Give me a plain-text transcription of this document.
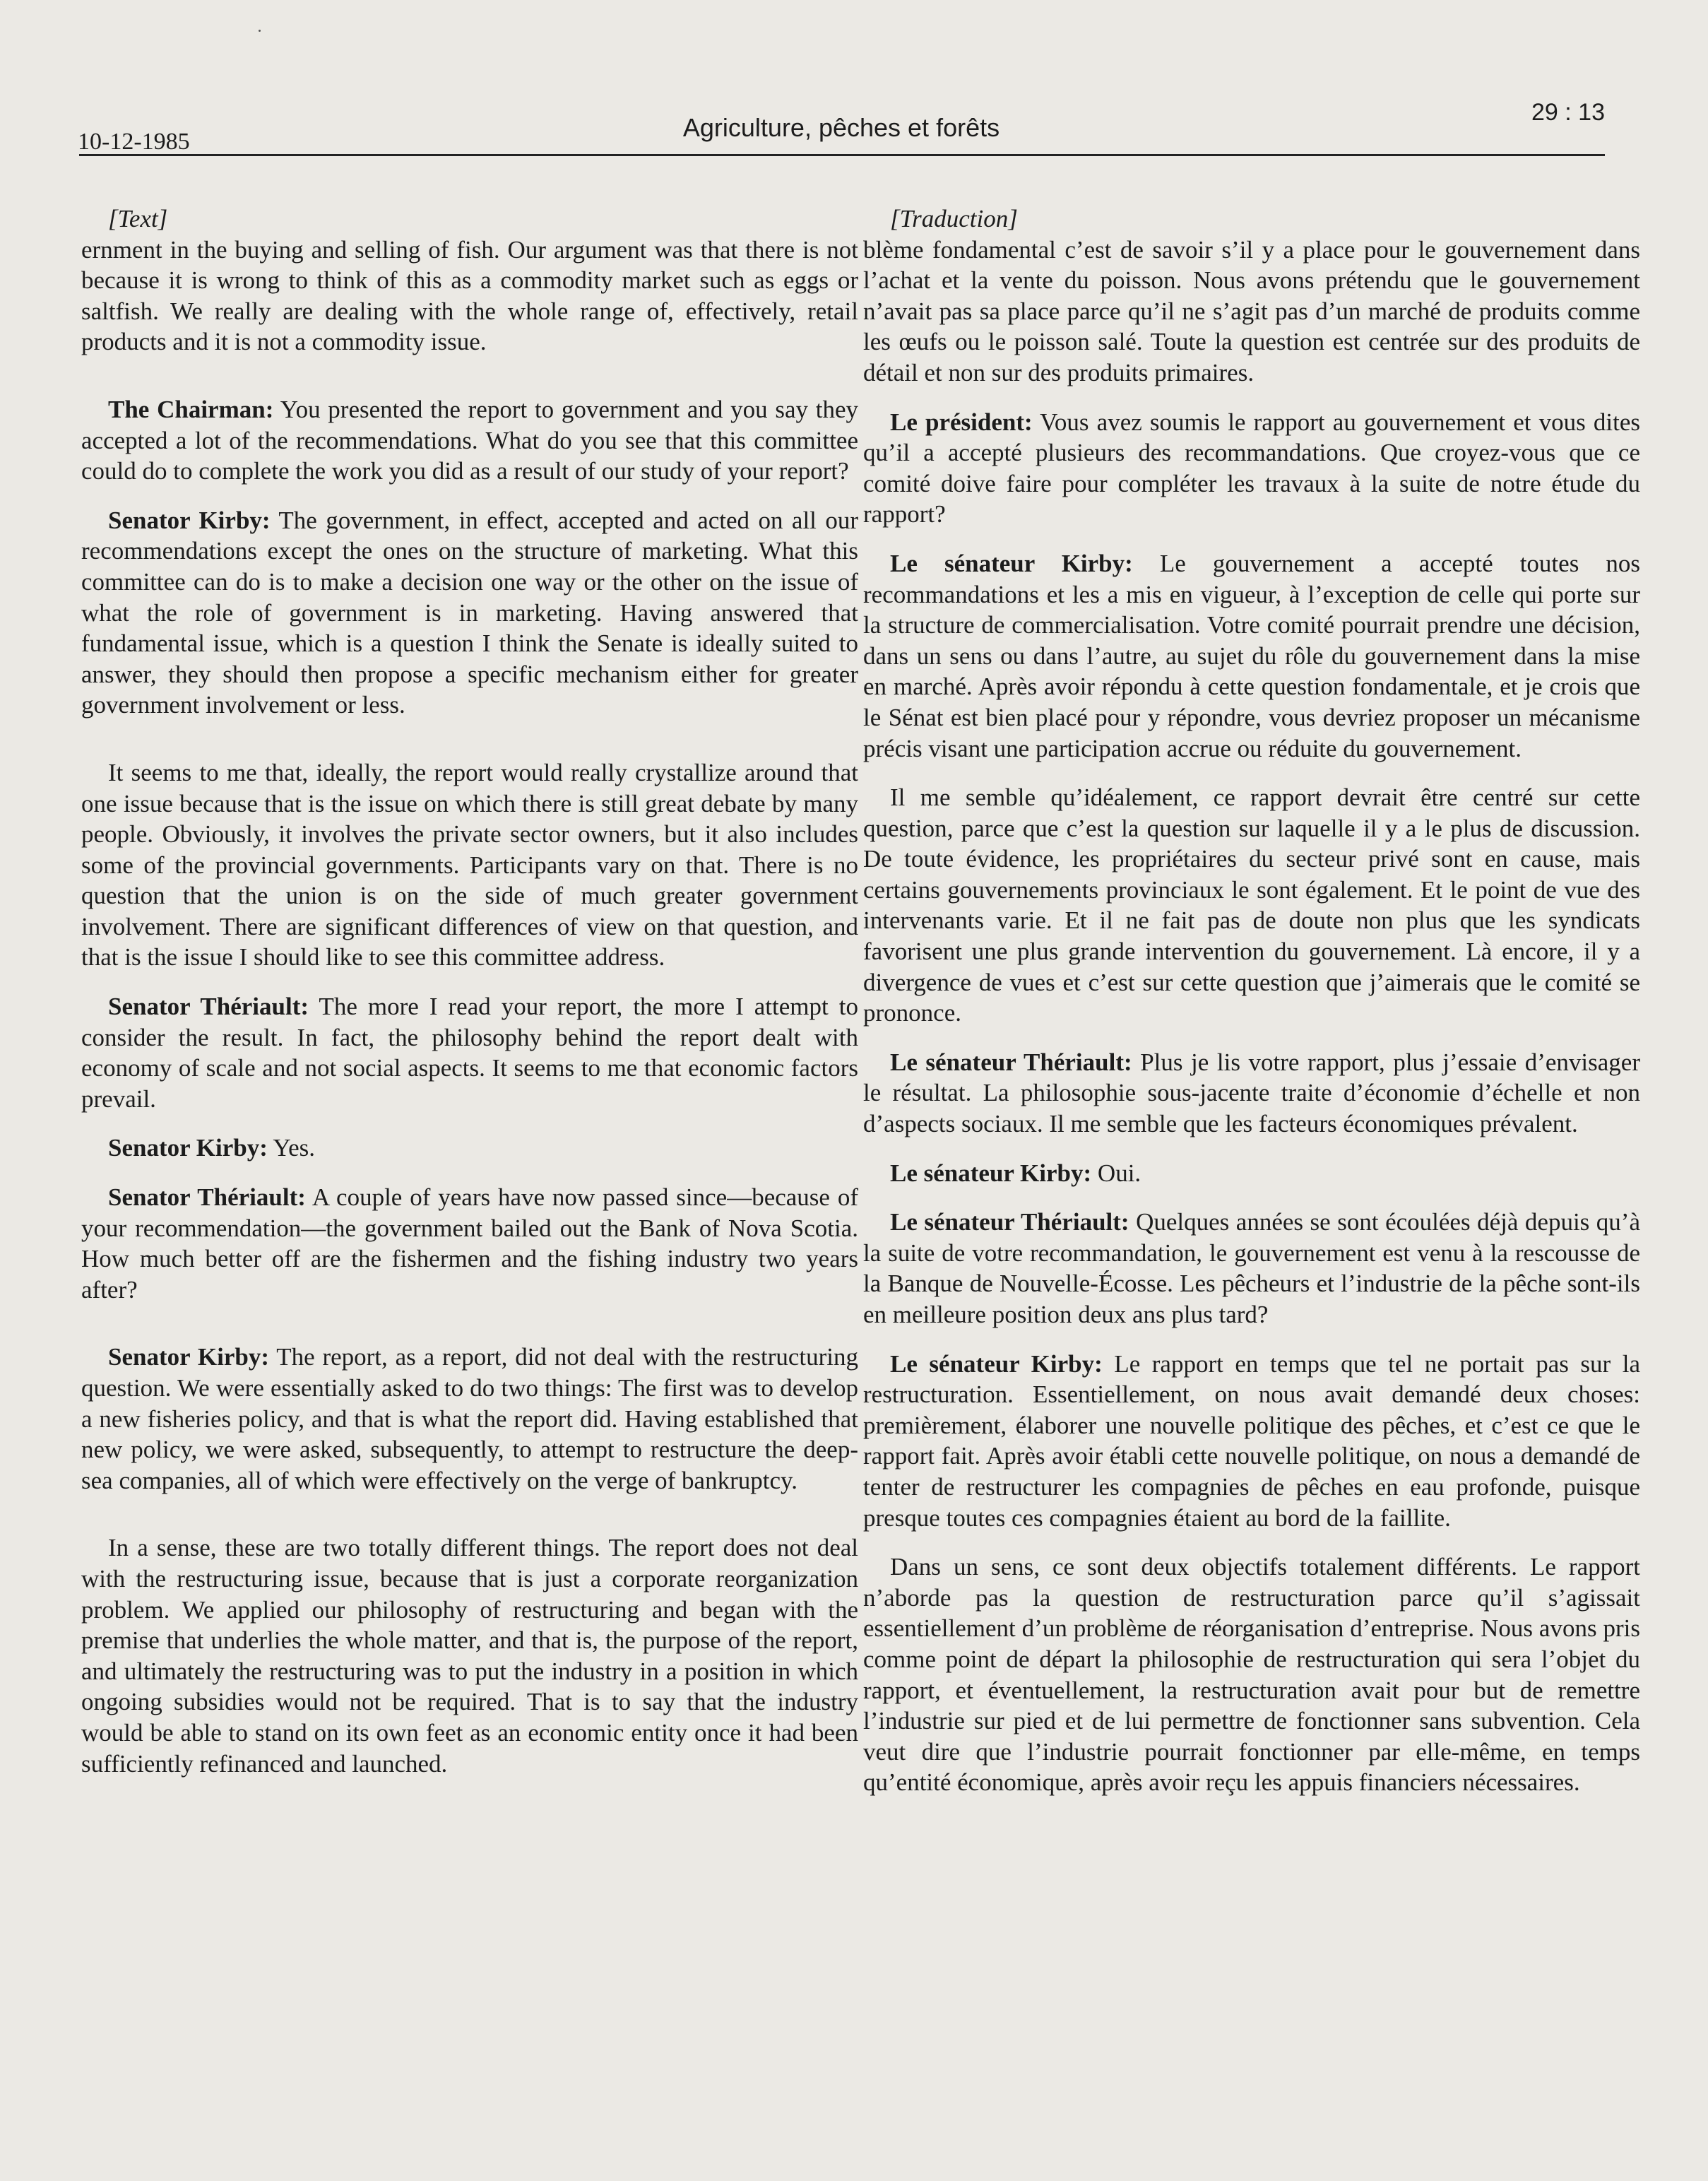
10-12-1985	Agriculture, pêches et forêts
29 : 13

[Text]

ernment in the buying and selling of fish. Our argument was that there is not because it is wrong to think of this as a commodity market such as eggs or saltfish. We really are dealing with the whole range of, effectively, retail products and it is not a commodity issue.

The Chairman: You presented the report to government and you say they accepted a lot of the recommendations. What do you see that this committee could do to complete the work you did as a result of our study of your report?

Senator Kirby: The government, in effect, accepted and acted on all our recommendations except the ones on the structure of marketing. What this committee can do is to make a decision one way or the other on the issue of what the role of government is in marketing. Having answered that fundamental issue, which is a question I think the Senate is ideally suited to answer, they should then propose a specific mechanism either for greater government involvement or less.

It seems to me that, ideally, the report would really crystallize around that one issue because that is the issue on which there is still great debate by many people. Obviously, it involves the private sector owners, but it also includes some of the provincial governments. Participants vary on that. There is no question that the union is on the side of much greater government involvement. There are significant differences of view on that question, and that is the issue I should like to see this committee address.

Senator Thériault: The more I read your report, the more I attempt to consider the result. In fact, the philosophy behind the report dealt with economy of scale and not social aspects. It seems to me that economic factors prevail.

Senator Kirby: Yes.

Senator Thériault: A couple of years have now passed since—because of your recommendation—the government bailed out the Bank of Nova Scotia. How much better off are the fishermen and the fishing industry two years after?

Senator Kirby: The report, as a report, did not deal with the restructuring question. We were essentially asked to do two things: The first was to develop a new fisheries policy, and that is what the report did. Having established that new policy, we were asked, subsequently, to attempt to restructure the deep-sea companies, all of which were effectively on the verge of bankruptcy.

In a sense, these are two totally different things. The report does not deal with the restructuring issue, because that is just a corporate reorganization problem. We applied our philosophy of restructuring and began with the premise that underlies the whole matter, and that is, the purpose of the report, and ultimately the restructuring was to put the industry in a position in which ongoing subsidies would not be required. That is to say that the industry would be able to stand on its own feet as an economic entity once it had been sufficiently refinanced and launched.

[Traduction]

blème fondamental c’est de savoir s’il y a place pour le gouvernement dans l’achat et la vente du poisson. Nous avons prétendu que le gouvernement n’avait pas sa place parce qu’il ne s’agit pas d’un marché de produits comme les œufs ou le poisson salé. Toute la question est centrée sur des produits de détail et non sur des produits primaires.

Le président: Vous avez soumis le rapport au gouvernement et vous dites qu’il a accepté plusieurs des recommandations. Que croyez-vous que ce comité doive faire pour compléter les travaux à la suite de notre étude du rapport?

Le sénateur Kirby: Le gouvernement a accepté toutes nos recommandations et les a mis en vigueur, à l’exception de celle qui porte sur la structure de commercialisation. Votre comité pourrait prendre une décision, dans un sens ou dans l’autre, au sujet du rôle du gouvernement dans la mise en marché. Après avoir répondu à cette question fondamentale, et je crois que le Sénat est bien placé pour y répondre, vous devriez proposer un mécanisme précis visant une participation accrue ou réduite du gouvernement.

Il me semble qu’idéalement, ce rapport devrait être centré sur cette question, parce que c’est la question sur laquelle il y a le plus de discussion. De toute évidence, les propriétaires du secteur privé sont en cause, mais certains gouvernements provinciaux le sont également. Et le point de vue des intervenants varie. Et il ne fait pas de doute non plus que les syndicats favorisent une plus grande intervention du gouvernement. Là encore, il y a divergence de vues et c’est sur cette question que j’aimerais que le comité se prononce.

Le sénateur Thériault: Plus je lis votre rapport, plus j’essaie d’envisager le résultat. La philosophie sous-jacente traite d’économie d’échelle et non d’aspects sociaux. Il me semble que les facteurs économiques prévalent.

Le sénateur Kirby: Oui.

Le sénateur Thériault: Quelques années se sont écoulées déjà depuis qu’à la suite de votre recommandation, le gouvernement est venu à la rescousse de la Banque de Nouvelle-Écosse. Les pêcheurs et l’industrie de la pêche sont-ils en meilleure position deux ans plus tard?

Le sénateur Kirby: Le rapport en temps que tel ne portait pas sur la restructuration. Essentiellement, on nous avait demandé deux choses: premièrement, élaborer une nouvelle politique des pêches, et c’est ce que le rapport fait. Après avoir établi cette nouvelle politique, on nous a demandé de tenter de restructurer les compagnies de pêches en eau profonde, puisque presque toutes ces compagnies étaient au bord de la faillite.

Dans un sens, ce sont deux objectifs totalement différents. Le rapport n’aborde pas la question de restructuration parce qu’il s’agissait essentiellement d’un problème de réorganisation d’entreprise. Nous avons pris comme point de départ la philosophie de restructuration qui sera l’objet du rapport, et éventuellement, la restructuration avait pour but de remettre l’industrie sur pied et de lui permettre de fonctionner sans subvention. Cela veut dire que l’industrie pourrait fonctionner par elle-même, en temps qu’entité économique, après avoir reçu les appuis financiers nécessaires.
